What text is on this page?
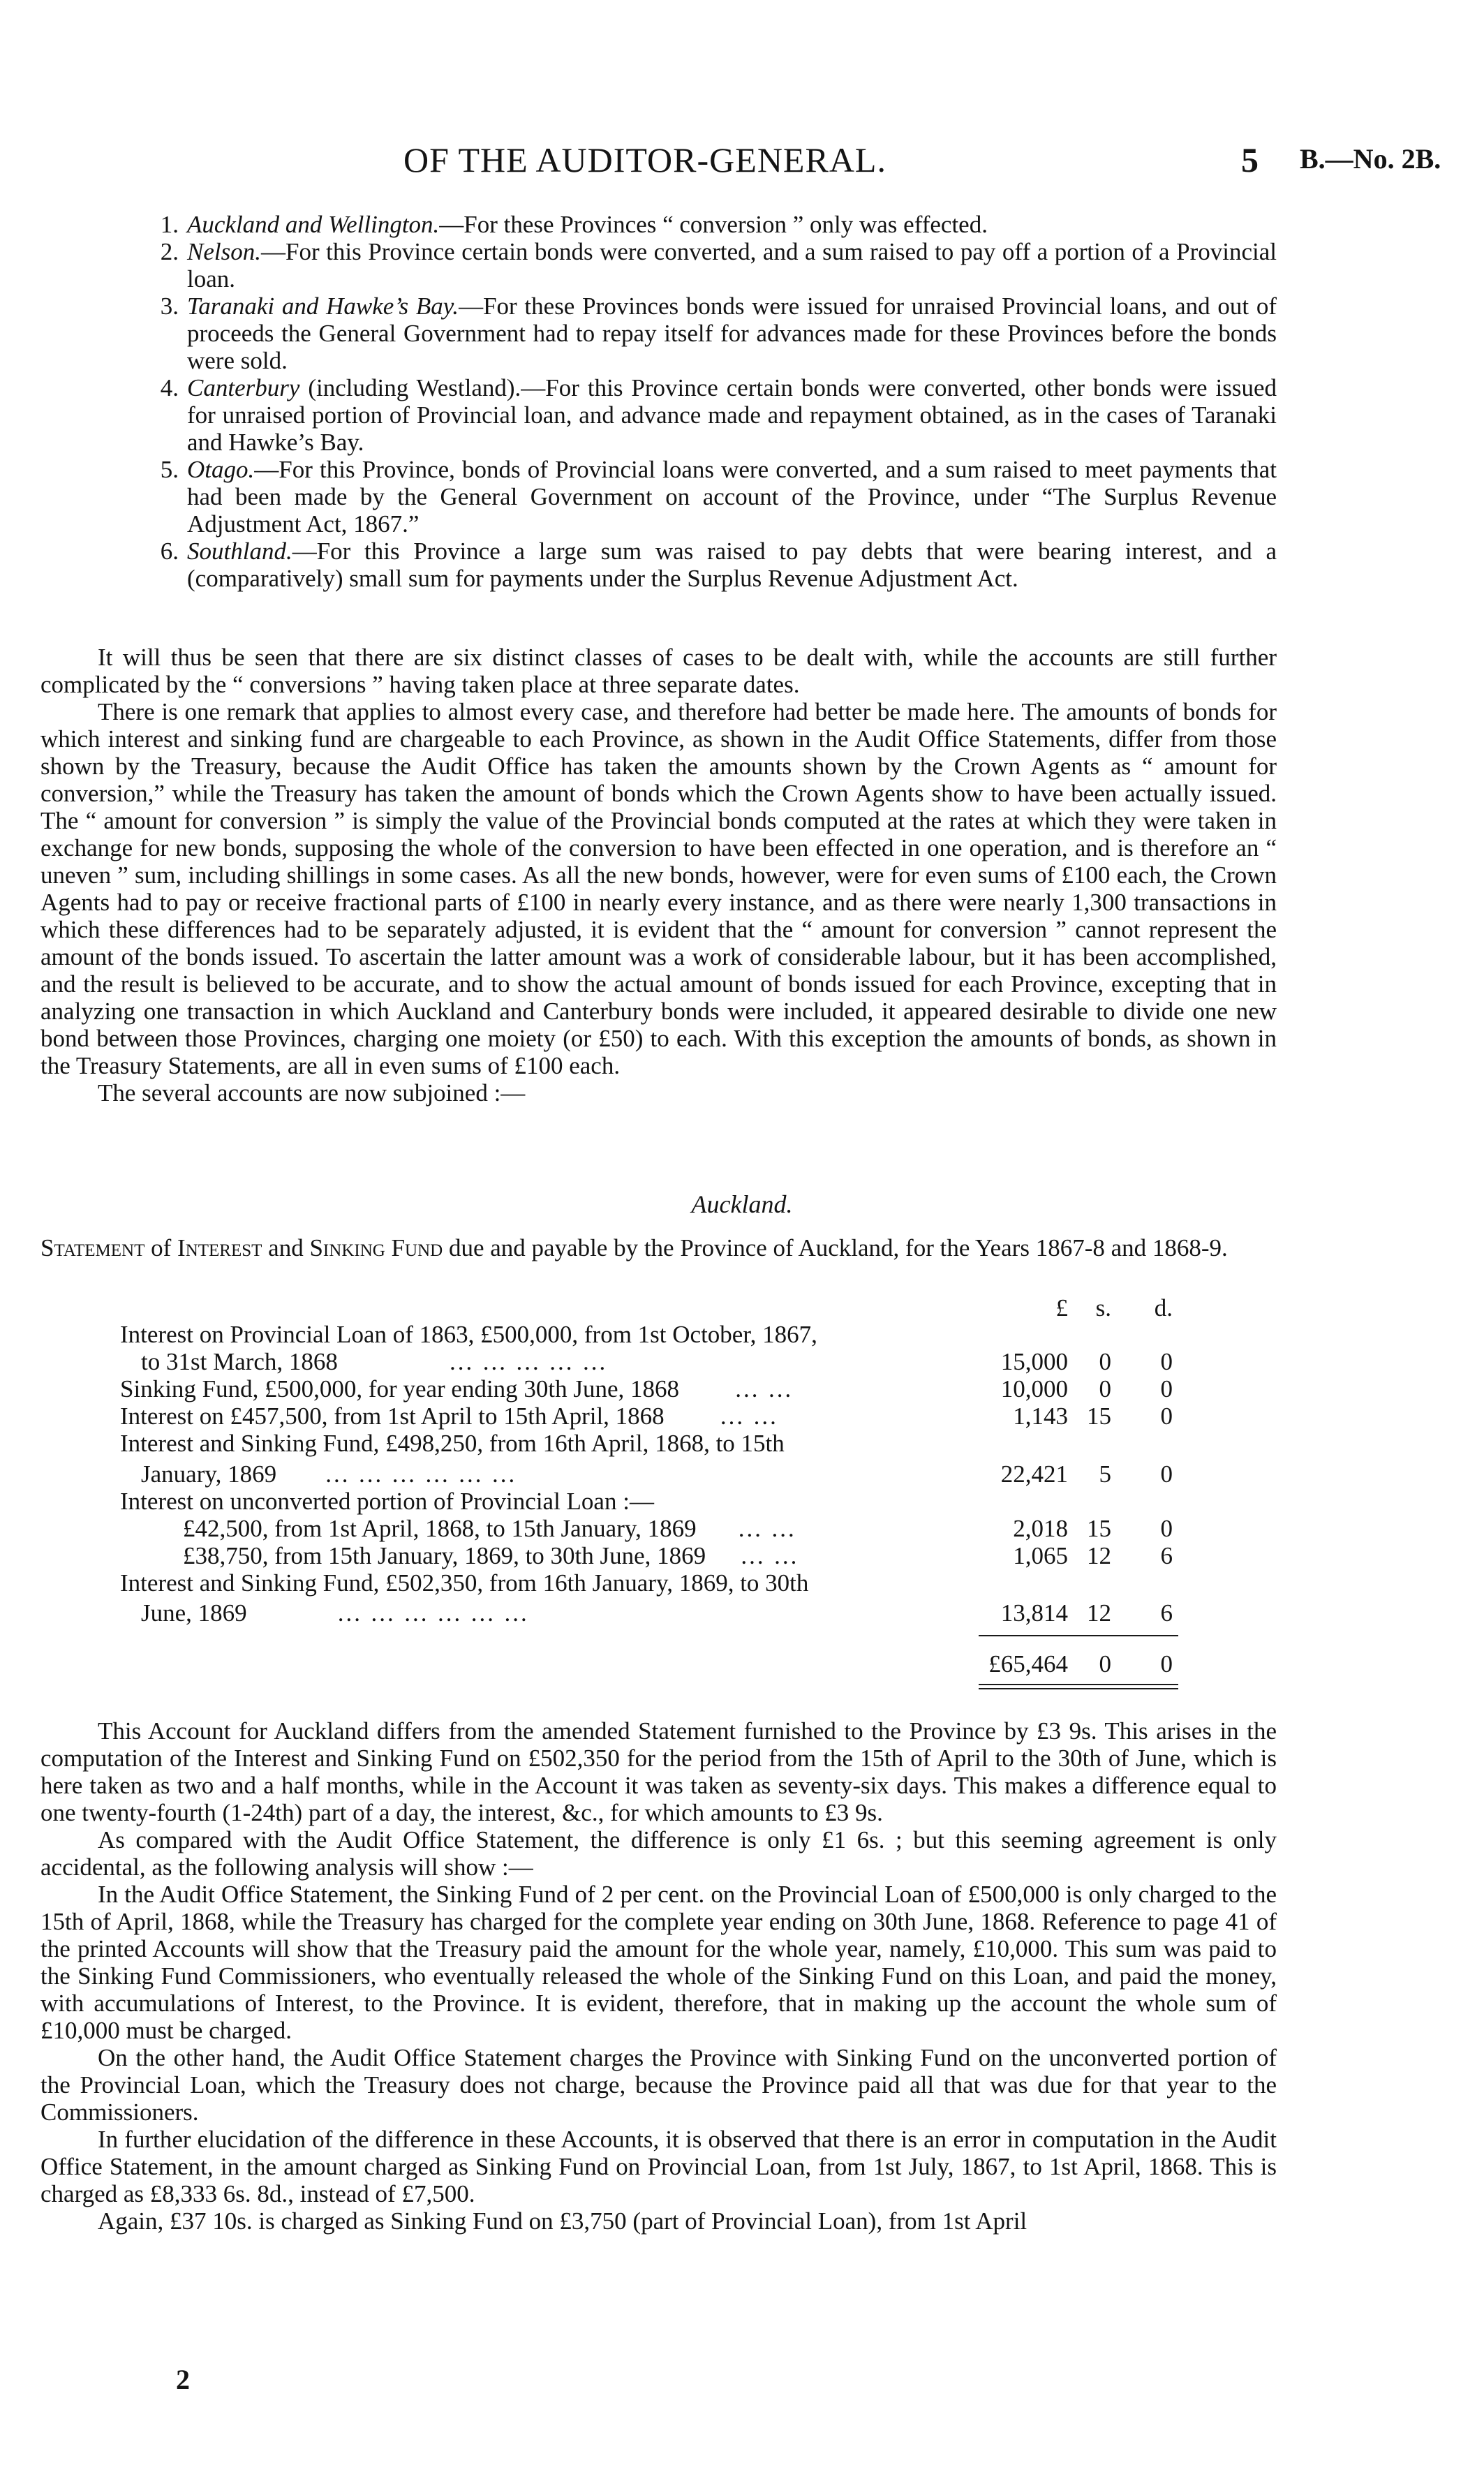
OF THE AUDITOR-GENERAL.	5 B.—No. 2B.
1. Auckland and Wellington.—For these Provinces “ conversion ” only was effected.
2. Nelson.—For this Province certain bonds were converted, and a sum raised to pay off a portion of a Provincial loan.
3. Taranaki and Hawke’s Bay.—For these Provinces bonds were issued for unraised Provincial loans, and out of proceeds the General Government had to repay itself for advances made for these Provinces before the bonds were sold.
4. Canterbury (including Westland).—For this Province certain bonds were converted, other bonds were issued for unraised portion of Provincial loan, and advance made and repayment obtained, as in the cases of Taranaki and Hawke’s Bay.
5. Otago.—For this Province, bonds of Provincial loans were converted, and a sum raised to meet payments that had been made by the General Government on account of the Province, under “The Surplus Revenue Adjustment Act, 1867.”
6. Southland.—For this Province a large sum was raised to pay debts that were bearing interest, and a (comparatively) small sum for payments under the Surplus Revenue Adjustment Act.

It will thus be seen that there are six distinct classes of cases to be dealt with, while the accounts are still further complicated by the “ conversions ” having taken place at three separate dates.

There is one remark that applies to almost every case, and therefore had better be made here. The amounts of bonds for which interest and sinking fund are chargeable to each Province, as shown in the Audit Office Statements, differ from those shown by the Treasury, because the Audit Office has taken the amounts shown by the Crown Agents as “ amount for conversion,” while the Treasury has taken the amount of bonds which the Crown Agents show to have been actually issued. The “ amount for conversion ” is simply the value of the Provincial bonds computed at the rates at which they were taken in exchange for new bonds, supposing the whole of the conversion to have been effected in one operation, and is therefore an “ uneven ” sum, including shillings in some cases. As all the new bonds, however, were for even sums of £100 each, the Crown Agents had to pay or receive fractional parts of £100 in nearly every instance, and as there were nearly 1,300 transactions in which these differences had to be separately adjusted, it is evident that the “ amount for conversion ” cannot represent the amount of the bonds issued. To ascertain the latter amount was a work of considerable labour, but it has been accomplished, and the result is believed to be accurate, and to show the actual amount of bonds issued for each Province, excepting that in analyzing one transaction in which Auckland and Canterbury bonds were included, it appeared desirable to divide one new bond between those Provinces, charging one moiety (or £50) to each. With this exception the amounts of bonds, as shown in the Treasury Statements, are all in even sums of £100 each.

The several accounts are now subjoined :—

Auckland.

Statement of Interest and Sinking Fund due and payable by the Province of Auckland, for the Years 1867-8 and 1868-9.

£	s.	d.
Interest on Provincial Loan of 1863, £500,000, from 1st October, 1867,
to 31st March, 1868	… … … … …	15,000	0	0
Sinking Fund, £500,000, for year ending 30th June, 1868 … …	10,000	0	0
Interest on £457,500, from 1st April to 15th April, 1868 … …	1,143 15	0
Interest and Sinking Fund, £498,250, from 16th April, 1868, to 15th
January, 1869 … … … … … …	22,421	5	0
Interest on unconverted portion of Provincial Loan :—
£42,500, from 1st April, 1868, to 15th January, 1869 … …	2,018 15	0
£38,750, from 15th January, 1869, to 30th June, 1869 … …	1,065 12	6
Interest and Sinking Fund, £502,350, from 16th January, 1869, to 30th
June, 1869	… … … … … …	13,814 12	6
£65,464	0	0

This Account for Auckland differs from the amended Statement furnished to the Province by £3 9s. This arises in the computation of the Interest and Sinking Fund on £502,350 for the period from the 15th of April to the 30th of June, which is here taken as two and a half months, while in the Account it was taken as seventy-six days. This makes a difference equal to one twenty-fourth (1-24th) part of a day, the interest, &c., for which amounts to £3 9s.

As compared with the Audit Office Statement, the difference is only £1 6s. ; but this seeming agreement is only accidental, as the following analysis will show :—

In the Audit Office Statement, the Sinking Fund of 2 per cent. on the Provincial Loan of £500,000 is only charged to the 15th of April, 1868, while the Treasury has charged for the complete year ending on 30th June, 1868. Reference to page 41 of the printed Accounts will show that the Treasury paid the amount for the whole year, namely, £10,000. This sum was paid to the Sinking Fund Commissioners, who eventually released the whole of the Sinking Fund on this Loan, and paid the money, with accumulations of Interest, to the Province. It is evident, therefore, that in making up the account the whole sum of £10,000 must be charged.

On the other hand, the Audit Office Statement charges the Province with Sinking Fund on the unconverted portion of the Provincial Loan, which the Treasury does not charge, because the Province paid all that was due for that year to the Commissioners.

In further elucidation of the difference in these Accounts, it is observed that there is an error in computation in the Audit Office Statement, in the amount charged as Sinking Fund on Provincial Loan, from 1st July, 1867, to 1st April, 1868. This is charged as £8,333 6s. 8d., instead of £7,500.

Again, £37 10s. is charged as Sinking Fund on £3,750 (part of Provincial Loan), from 1st April

2
